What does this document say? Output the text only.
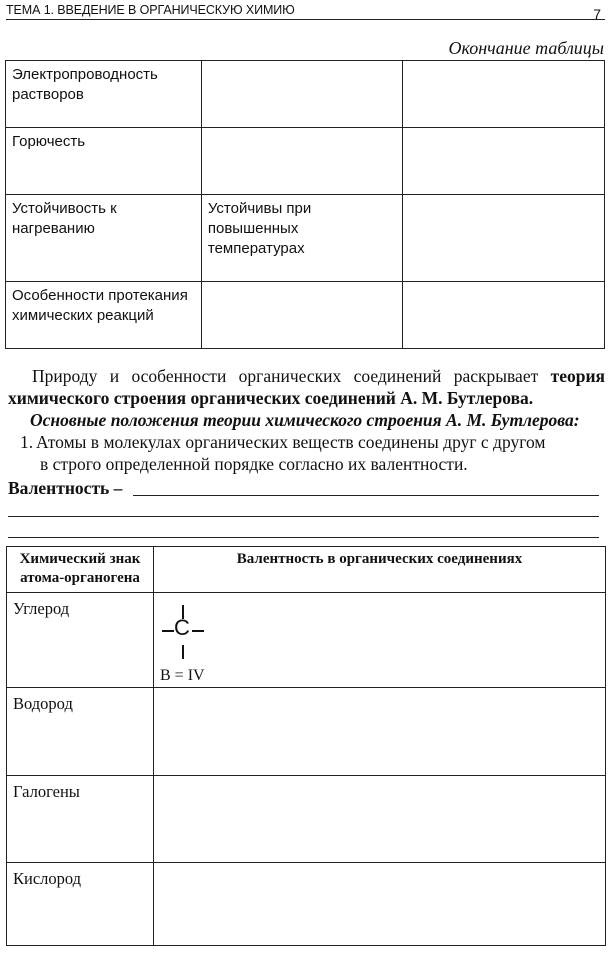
ТЕМА 1. ВВЕДЕНИЕ В ОРГАНИЧЕСКУЮ ХИМИЮ	7
Окончание таблицы
Электропроводность растворов		
Горючесть		
Устойчивость к нагреванию	Устойчивы при повышенных температурах	
Особенности протекания химических реакций		
Природу и особенности органических соединений раскрывает теория химического строения органических соединений А. М. Бутлерова.
Основные положения теории химического строения А. М. Бутлерова:
1. Атомы в молекулах органических веществ соединены друг с другом
в строго определенной порядке согласно их валентности.
Валентность –
Химический знак атома-органогена	Валентность в органических соединениях
Углерод	C
В = IV

Водород	
Галогены	
Кислород	
